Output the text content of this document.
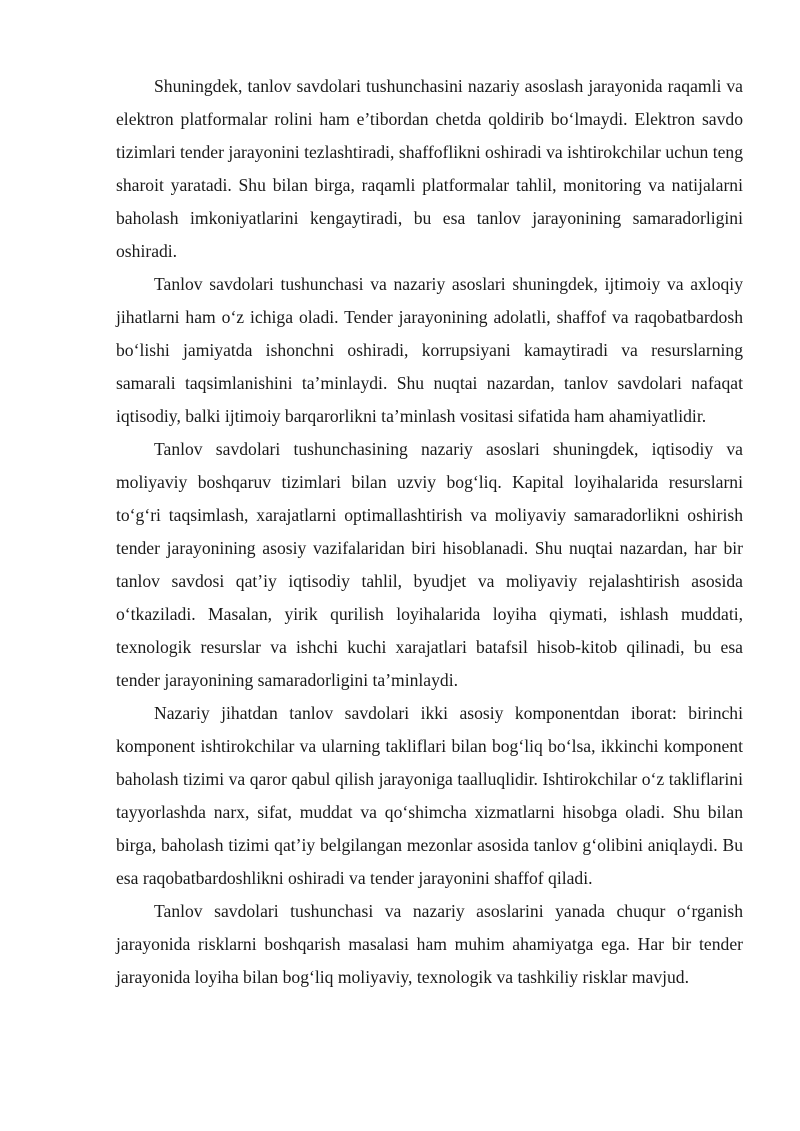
Shuningdek, tanlov savdolari tushunchasini nazariy asoslash jarayonida raqamli va elektron platformalar rolini ham e’tibordan chetda qoldirib bo‘lmaydi. Elektron savdo tizimlari tender jarayonini tezlashtiradi, shaffoflikni oshiradi va ishtirokchilar uchun teng sharoit yaratadi. Shu bilan birga, raqamli platformalar tahlil, monitoring va natijalarni baholash imkoniyatlarini kengaytiradi, bu esa tanlov jarayonining samaradorligini oshiradi.

Tanlov savdolari tushunchasi va nazariy asoslari shuningdek, ijtimoiy va axloqiy jihatlarni ham o‘z ichiga oladi. Tender jarayonining adolatli, shaffof va raqobatbardosh bo‘lishi jamiyatda ishonchni oshiradi, korrupsiyani kamaytiradi va resurslarning samarali taqsimlanishini ta’minlaydi. Shu nuqtai nazardan, tanlov savdolari nafaqat iqtisodiy, balki ijtimoiy barqarorlikni ta’minlash vositasi sifatida ham ahamiyatlidir.

Tanlov savdolari tushunchasining nazariy asoslari shuningdek, iqtisodiy va moliyaviy boshqaruv tizimlari bilan uzviy bog‘liq. Kapital loyihalarida resurslarni to‘g‘ri taqsimlash, xarajatlarni optimallashtirish va moliyaviy samaradorlikni oshirish tender jarayonining asosiy vazifalaridan biri hisoblanadi. Shu nuqtai nazardan, har bir tanlov savdosi qat’iy iqtisodiy tahlil, byudjet va moliyaviy rejalashtirish asosida o‘tkaziladi. Masalan, yirik qurilish loyihalarida loyiha qiymati, ishlash muddati, texnologik resurslar va ishchi kuchi xarajatlari batafsil hisob-kitob qilinadi, bu esa tender jarayonining samaradorligini ta’minlaydi.

Nazariy jihatdan tanlov savdolari ikki asosiy komponentdan iborat: birinchi komponent ishtirokchilar va ularning takliflari bilan bog‘liq bo‘lsa, ikkinchi komponent baholash tizimi va qaror qabul qilish jarayoniga taalluqlidir. Ishtirokchilar o‘z takliflarini tayyorlashda narx, sifat, muddat va qo‘shimcha xizmatlarni hisobga oladi. Shu bilan birga, baholash tizimi qat’iy belgilangan mezonlar asosida tanlov g‘olibini aniqlaydi. Bu esa raqobatbardoshlikni oshiradi va tender jarayonini shaffof qiladi.

Tanlov savdolari tushunchasi va nazariy asoslarini yanada chuqur o‘rganish jarayonida risklarni boshqarish masalasi ham muhim ahamiyatga ega. Har bir tender jarayonida loyiha bilan bog‘liq moliyaviy, texnologik va tashkiliy risklar mavjud.
